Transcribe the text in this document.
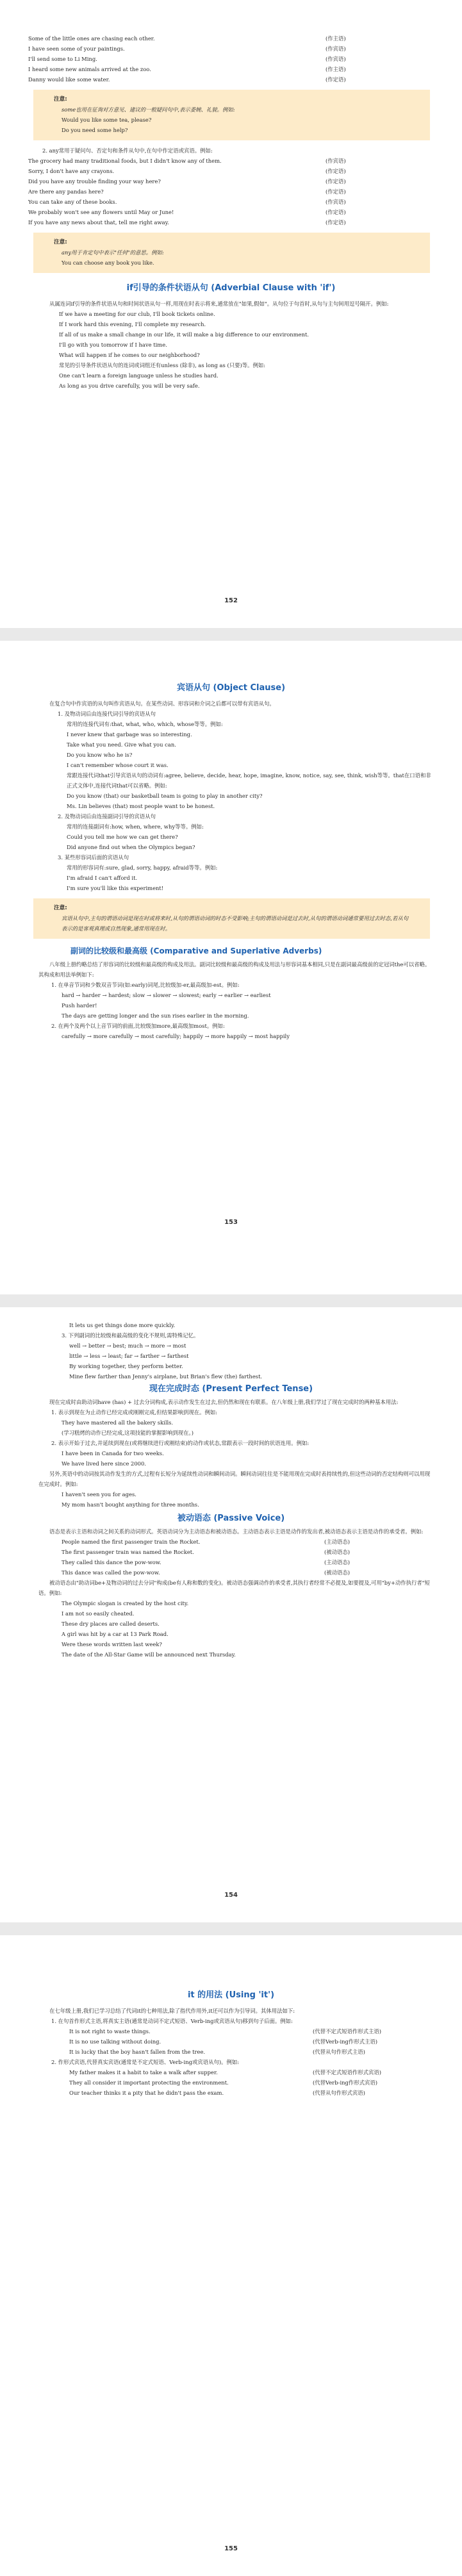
Some of the little ones are chasing each other.	(作主语)
I have seen some of your paintings.	(作宾语)
I'll send some to Li Ming.	(作宾语)
I heard some new animals arrived at the zoo.	(作主语)
Danny would like some water.	(作定语)
注意:
some也用在征询对方意见、建议的一般疑问句中,表示委婉、礼貌。例如:
Would you like some tea, please?
Do you need some help?
2. any常用于疑问句、否定句和条件从句中,在句中作定语或宾语。例如:
The grocery had many traditional foods, but I didn't know any of them.	(作宾语)
Sorry, I don't have any crayons.	(作定语)
Did you have any trouble finding your way here?	(作定语)
Are there any pandas here?	(作定语)
You can take any of these books.	(作宾语)
We probably won't see any flowers until May or June!	(作定语)
If you have any news about that, tell me right away.	(作定语)
注意:
any用于肯定句中表示"任何"的意思。例如:
You can choose any book you like.
if引导的条件状语从句 (Adverbial Clause with 'if')
从属连词if引导的条件状语从句和时间状语从句一样,用现在时表示将来,通常放在"如果,假如"。从句位于句首时,从句与主句间用逗号隔开。例如:
If we have a meeting for our club, I'll book tickets online.
If I work hard this evening, I'll complete my research.
If all of us make a small change in our life, it will make a big difference to our environment.
I'll go with you tomorrow if I have time.
What will happen if he comes to our neighborhood?
常见的引导条件状语从句的连词或词组还有unless (除非), as long as (只要)等。例如:
One can't learn a foreign language unless he studies hard.
As long as you drive carefully, you will be very safe.
152
宾语从句 (Object Clause)
在复合句中作宾语的从句叫作宾语从句。在某些动词、形容词和介词之后都可以带有宾语从句。
1. 及物动词后由连接代词引导的宾语从句
常用的连接代词有:that, what, who, which, whose等等。例如:
I never knew that garbage was so interesting.
Take what you need. Give what you can.
Do you know who he is?
I can't remember whose court it was.
常跟连接代词that引导宾语从句的动词有:agree, believe, decide, hear, hope, imagine, know, notice, say, see, think, wish等等。that在口语和非正式文体中,连接代词that可以省略。例如:
Do you know (that) our basketball team is going to play in another city?
Ms. Lin believes (that) most people want to be honest.
2. 及物动词后由连接副词引导的宾语从句
常用的连接副词有:how, when, where, why等等。例如:
Could you tell me how we can get there?
Did anyone find out when the Olympics began?
3. 某些形容词后面的宾语从句
常用的形容词有:sure, glad, sorry, happy, afraid等等。例如:
I'm afraid I can't afford it.
I'm sure you'll like this experiment!
注意:
宾语从句中,主句的谓语动词是现在时或将来时,从句的谓语动词的时态不受影响;主句的谓语动词是过去时,从句的谓语动词通常要用过去时态,若从句表示的是客观真理或自然现象,通常用现在时。
副词的比较级和最高级 (Comparative and Superlative Adverbs)
八年级上册约略总结了形容词的比较级和最高级的构成及用法。副词比较级和最高级的构成及用法与形容词基本相同,只是在副词最高级前的定冠词the可以省略。其构成和用法举例如下:
1. 在单音节词和少数双音节词(如:early)词尾,比较级加-er,最高级加-est。例如:
hard → harder → hardest; slow → slower → slowest; early → earlier → earliest
Push harder!
The days are getting longer and the sun rises earlier in the morning.
2. 在两个及两个以上音节词的前面,比较级加more,最高级加most。例如:
carefully → more carefully → most carefully; happily → more happily → most happily
153
It lets us get things done more quickly.
3. 下列副词的比较级和最高级的变化不规则,需特殊记忆。
well → better → best; much → more → most
little → less → least; far → farther → farthest
By working together, they perform better.
Mine flew farther than Jenny's airplane, but Brian's flew (the) farthest.
现在完成时态 (Present Perfect Tense)
现在完成时由助动词have (has) + 过去分词构成,表示动作发生在过去,但仍然和现在有联系。在八年级上册,我们学过了现在完成时的两种基本用法:
1. 表示到现在为止动作已经完成或刚刚完成,但结果影响到现在。例如:
They have mastered all the bakery skills.
(学习糕烤的动作已经完成,这项技能的掌握影响到现在。)
2. 表示开始于过去,并延续到现在(或将继续进行或刚结束)的动作或状态,常跟表示一段时间的状语连用。例如:
I have been in Canada for two weeks.
We have lived here since 2000.
另外,英语中的动词按其动作发生的方式,过程有长短分为延续性动词和瞬间动词。瞬间动词往往是不能用现在完成时表持续性的,但这些动词的否定结构则可以用现在完成时。例如:
I haven't seen you for ages.
My mom hasn't bought anything for three months.
被动语态 (Passive Voice)
语态是表示主语和动词之间关系的动词形式。英语动词分为主动语态和被动语态。主动语态表示主语是动作的发出者,被动语态表示主语是动作的承受者。例如:
People named the first passenger train the Rocket.	(主动语态)
The first passenger train was named the Rocket.	(被动语态)
They called this dance the pow-wow.	(主动语态)
This dance was called the pow-wow.	(被动语态)
被动语态由"助动词be+及物动词的过去分词"构成(be有人称和数的变化)。被动语态强调动作的承受者,其执行者经常不必提及,如要提及,可用"by+动作执行者"短语。例如:
The Olympic slogan is created by the host city.
I am not so easily cheated.
These dry places are called deserts.
A girl was hit by a car at 13 Park Road.
Were these words written last week?
The date of the All-Star Game will be announced next Thursday.
154
it 的用法 (Using 'it')
在七年级上册,我们已学习总结了代词it的七种用法,除了指代作用外,it还可以作为引导词。其体用法如下:
1. 在句首作形式主语,将真实主语(通常是动词不定式短语、Verb-ing或宾语从句)移到句子后面。例如:
It is not right to waste things.	(代替不定式短语作形式主语)
It is no use talking without doing.	(代替Verb-ing作形式主语)
It is lucky that the boy hasn't fallen from the tree.	(代替从句作形式主语)
2. 作形式宾语,代替真实宾语(通常是不定式短语、Verb-ing或宾语从句)。例如:
My father makes it a habit to take a walk after supper.	(代替不定式短语作形式宾语)
They all consider it important protecting the environment.	(代替Verb-ing作形式宾语)
Our teacher thinks it a pity that he didn't pass the exam.	(代替从句作形式宾语)
155
